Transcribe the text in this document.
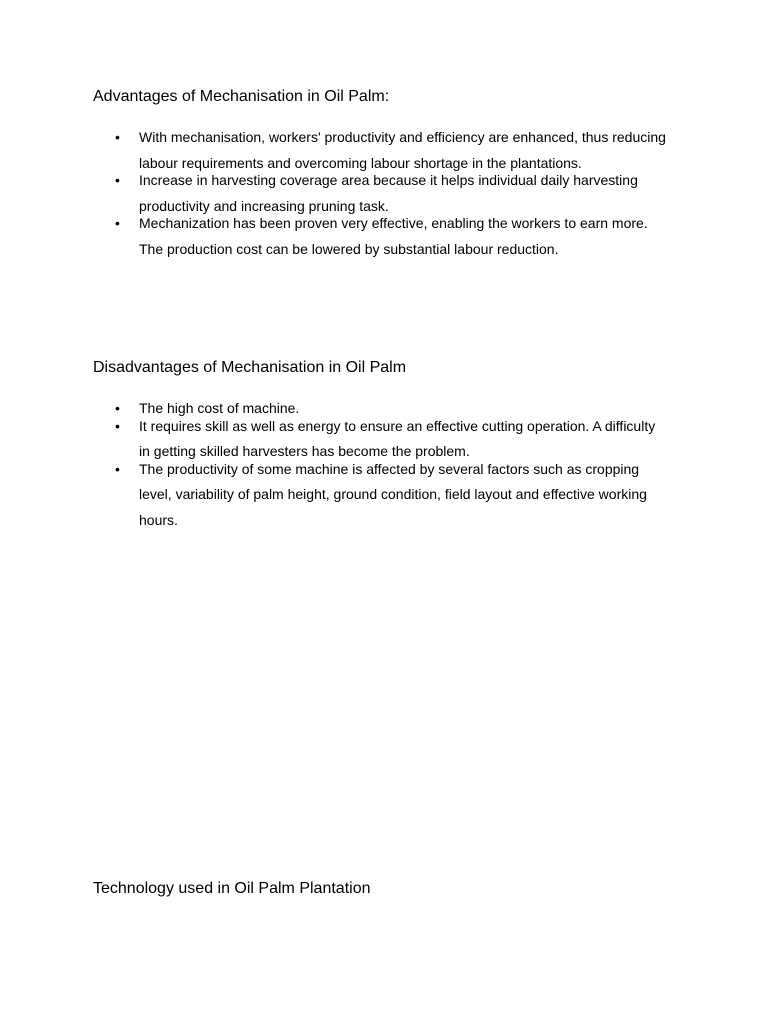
Advantages of Mechanisation in Oil Palm:
• With mechanisation, workers' productivity and efficiency are enhanced, thus reducing labour requirements and overcoming labour shortage in the plantations.
• Increase in harvesting coverage area because it helps individual daily harvesting productivity and increasing pruning task.
• Mechanization has been proven very effective, enabling the workers to earn more. The production cost can be lowered by substantial labour reduction.
Disadvantages of Mechanisation in Oil Palm
• The high cost of machine.
• It requires skill as well as energy to ensure an effective cutting operation. A difficulty in getting skilled harvesters has become the problem.
• The productivity of some machine is affected by several factors such as cropping level, variability of palm height, ground condition, field layout and effective working hours.
Technology used in Oil Palm Plantation
